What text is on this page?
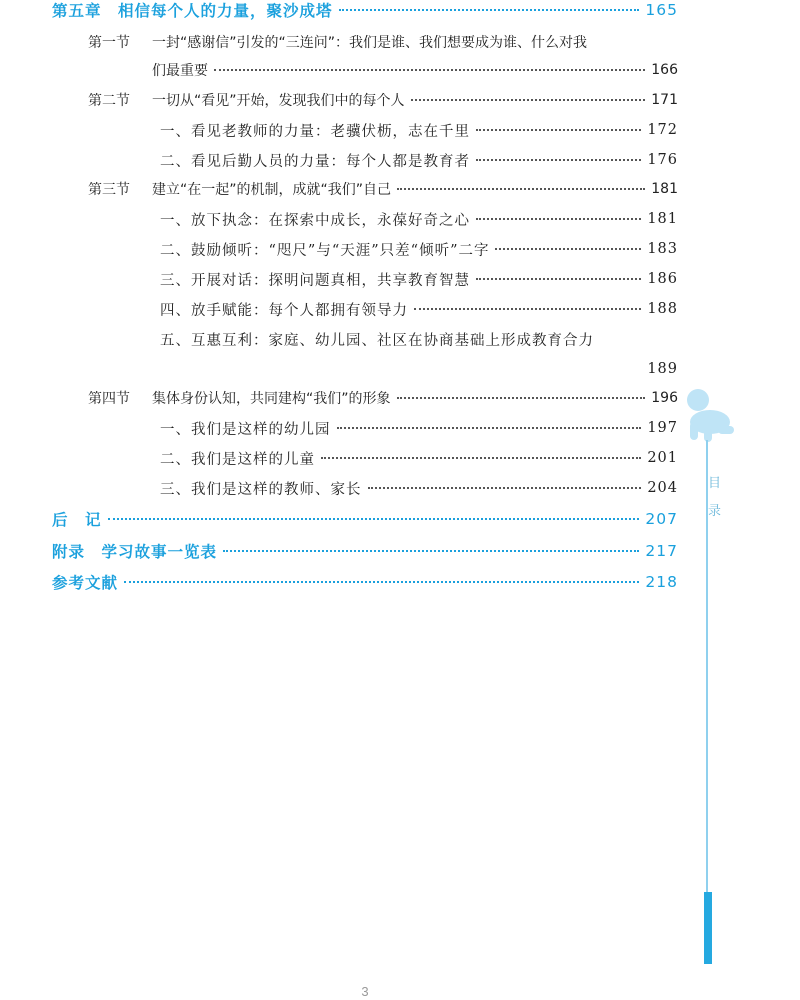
第五章　相信每个人的力量，聚沙成塔	165
第一节	一封“感谢信”引发的“三连问”：我们是谁、我们想要成为谁、什么对我
们最重要	166
第二节	一切从“看见”开始，发现我们中的每个人	171
一、看见老教师的力量：老骥伏枥，志在千里	172
二、看见后勤人员的力量：每个人都是教育者	176
第三节	建立“在一起”的机制，成就“我们”自己	181
一、放下执念：在探索中成长，永葆好奇之心	181
二、鼓励倾听：“咫尺”与“天涯”只差“倾听”二字	183
三、开展对话：探明问题真相，共享教育智慧	186
四、放手赋能：每个人都拥有领导力	188
五、互惠互利：家庭、幼儿园、社区在协商基础上形成教育合力
189
第四节	集体身份认知，共同建构“我们”的形象	196
一、我们是这样的幼儿园	197
二、我们是这样的儿童	201
三、我们是这样的教师、家长	204
后　记	207
附录　学习故事一览表	217
参考文献	218
目
录
3
